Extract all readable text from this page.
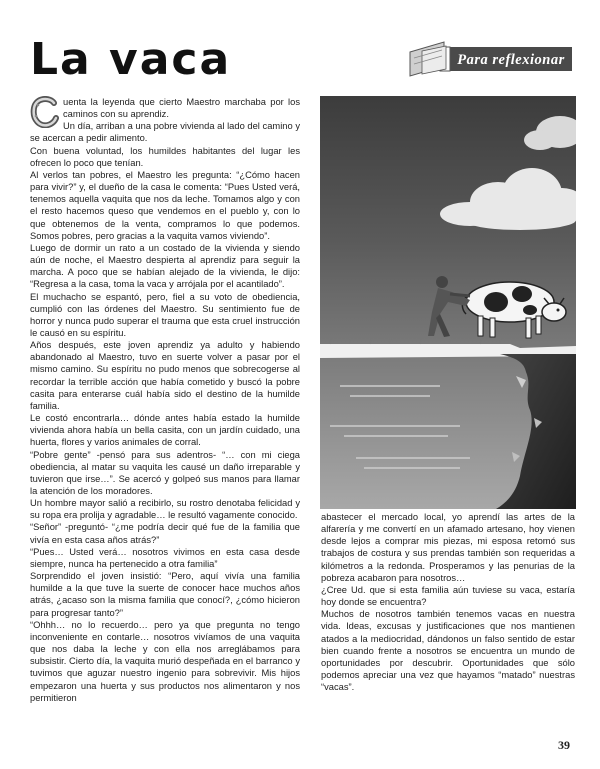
La vaca	Para reflexionar

uenta la leyenda que cierto Maestro marchaba por los caminos con su aprendiz.

Un día, arriban a una pobre vivienda al lado del camino y se acercan a pedir alimento.

Con buena voluntad, los humildes habitantes del lugar les ofrecen lo poco que tenían.

Al verlos tan pobres, el Maestro les pregunta: “¿Cómo hacen para vivir?” y, el dueño de la casa le comenta: “Pues Usted verá, tenemos aquella vaquita que nos da leche. Tomamos algo y con el resto hacemos queso que vendemos en el pueblo y, con lo que obtenemos de la venta, compramos lo que podemos. Somos pobres, pero gracias a la vaquita vamos viviendo”.

Luego de dormir un rato a un costado de la vivienda y siendo aún de noche, el Maestro despierta al aprendiz para seguir la marcha. A poco que se habían alejado de la vivienda, le dijo: “Regresa a la casa, toma la vaca y arrójala por el acantilado”.

El muchacho se espantó, pero, fiel a su voto de obediencia, cumplió con las órdenes del Maestro. Su sentimiento fue de horror y nunca pudo superar el trauma que esta cruel instrucción le causó en su espíritu.

Años después, este joven aprendiz ya adulto y habiendo abandonado al Maestro, tuvo en suerte volver a pasar por el mismo camino. Su espíritu no pudo menos que sobrecogerse al recordar la terrible acción que había cometido y buscó la pobre casita para enterarse cuál había sido el destino de la humilde familia.

Le costó encontrarla… dónde antes había estado la humilde vivienda ahora había un bella casita, con un jardín cuidado, una huerta, flores y varios animales de corral.

“Pobre gente” -pensó para sus adentros- “… con mi ciega obediencia, al matar su vaquita les causé un daño irreparable y tuvieron que irse…”. Se acercó y golpeó sus manos para llamar la atención de los moradores.

Un hombre mayor salió a recibirlo, su rostro denotaba felicidad y su ropa era prolija y agradable… le resultó vagamente conocido.

“Señor” -preguntó- “¿me podría decir qué fue de la familia que vivía en esta casa años atrás?”

“Pues… Usted verá… nosotros vivimos en esta casa desde siempre, nunca ha pertenecido a otra familia”

Sorprendido el joven insistió: “Pero, aquí vivía una familia humilde a la que tuve la suerte de conocer hace muchos años atrás, ¿acaso son la misma familia que conocí?, ¿cómo hicieron para progresar tanto?”

“Ohhh… no lo recuerdo… pero ya que pregunta no tengo inconveniente en contarle… nosotros vivíamos de una vaquita que nos daba la leche y con ella nos arreglábamos para subsistir. Cierto día, la vaquita murió despeñada en el barranco y tuvimos que aguzar nuestro ingenio para sobrevivir. Mis hijos empezaron una huerta y sus productos nos alimentaron y nos permitieron

abastecer el mercado local, yo aprendí las artes de la alfarería y me convertí en un afamado artesano, hoy vienen desde lejos a comprar mis piezas, mi esposa retomó sus trabajos de costura y sus prendas también son requeridas a kilómetros a la redonda. Prosperamos y las penurias de la pobreza acabaron para nosotros…

¿Cree Ud. que si esta familia aún tuviese su vaca, estaría hoy donde se encuentra?

Muchos de nosotros también tenemos vacas en nuestra vida. Ideas, excusas y justificaciones que nos mantienen atados a la mediocridad, dándonos un falso sentido de estar bien cuando frente a nosotros se encuentra un mundo de oportunidades por descubrir. Oportunidades que sólo podemos apreciar una vez que hayamos “matado” nuestras “vacas”.

39
